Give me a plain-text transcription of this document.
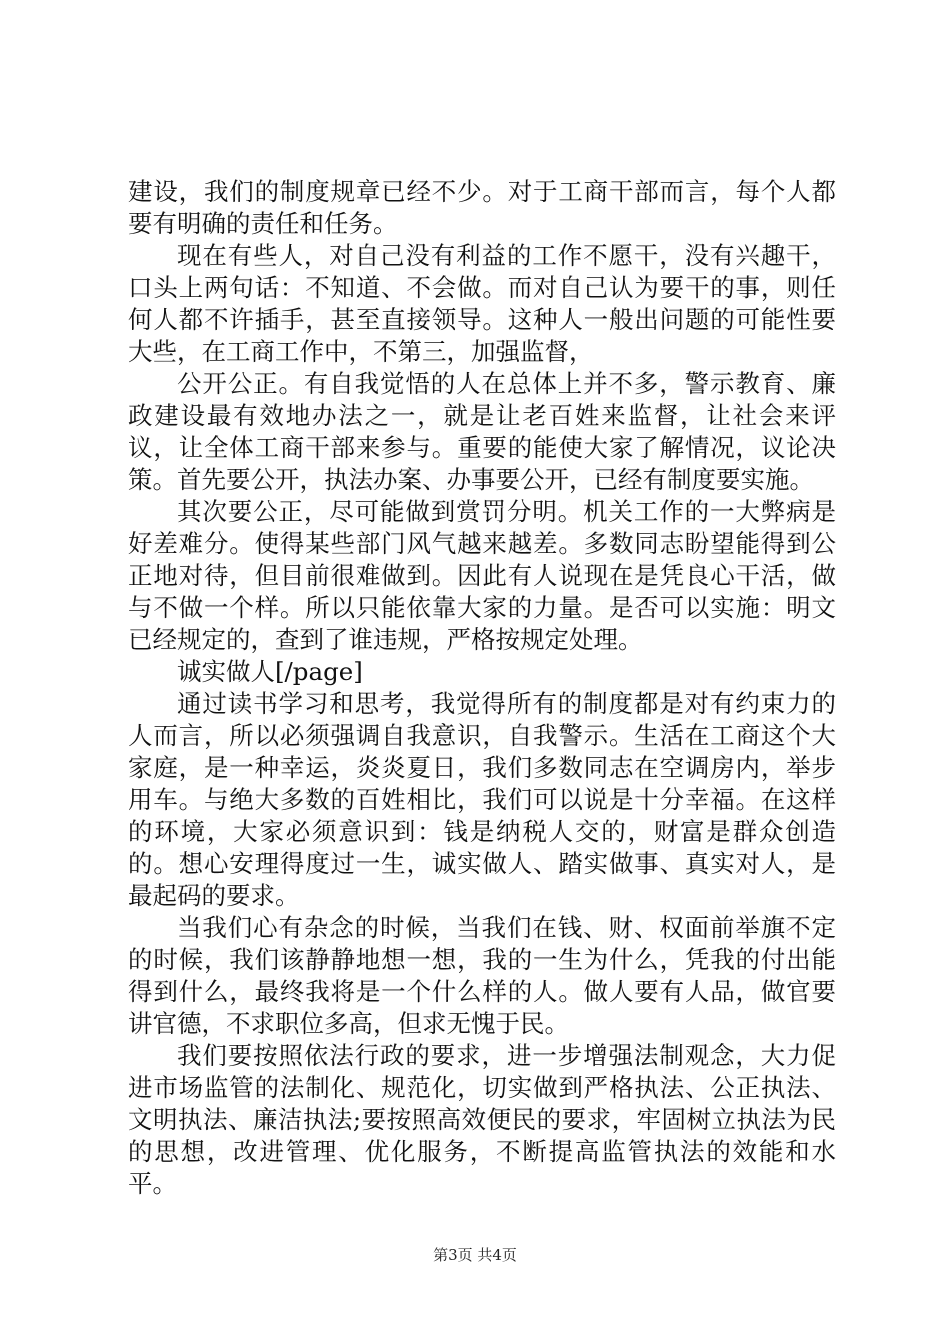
建设，我们的制度规章已经不少。对于工商干部而言，每个人都要有明确的责任和任务。

现在有些人，对自己没有利益的工作不愿干，没有兴趣干，口头上两句话：不知道、不会做。而对自己认为要干的事，则任何人都不许插手，甚至直接领导。这种人一般出问题的可能性要大些，在工商工作中，不第三，加强监督，

公开公正。有自我觉悟的人在总体上并不多，警示教育、廉政建设最有效地办法之一，就是让老百姓来监督，让社会来评议，让全体工商干部来参与。重要的能使大家了解情况，议论决策。首先要公开，执法办案、办事要公开，已经有制度要实施。

其次要公正，尽可能做到赏罚分明。机关工作的一大弊病是好差难分。使得某些部门风气越来越差。多数同志盼望能得到公正地对待，但目前很难做到。因此有人说现在是凭良心干活，做与不做一个样。所以只能依靠大家的力量。是否可以实施：明文已经规定的，查到了谁违规，严格按规定处理。

诚实做人[/page]

通过读书学习和思考，我觉得所有的制度都是对有约束力的人而言，所以必须强调自我意识，自我警示。生活在工商这个大家庭，是一种幸运，炎炎夏日，我们多数同志在空调房内，举步用车。与绝大多数的百姓相比，我们可以说是十分幸福。在这样的环境，大家必须意识到：钱是纳税人交的，财富是群众创造的。想心安理得度过一生，诚实做人、踏实做事、真实对人，是最起码的要求。

当我们心有杂念的时候，当我们在钱、财、权面前举旗不定的时候，我们该静静地想一想，我的一生为什么，凭我的付出能得到什么，最终我将是一个什么样的人。做人要有人品，做官要讲官德，不求职位多高，但求无愧于民。

我们要按照依法行政的要求，进一步增强法制观念，大力促进市场监管的法制化、规范化，切实做到严格执法、公正执法、文明执法、廉洁执法;要按照高效便民的要求，牢固树立执法为民的思想，改进管理、优化服务，不断提高监管执法的效能和水平。

第3页 共4页
